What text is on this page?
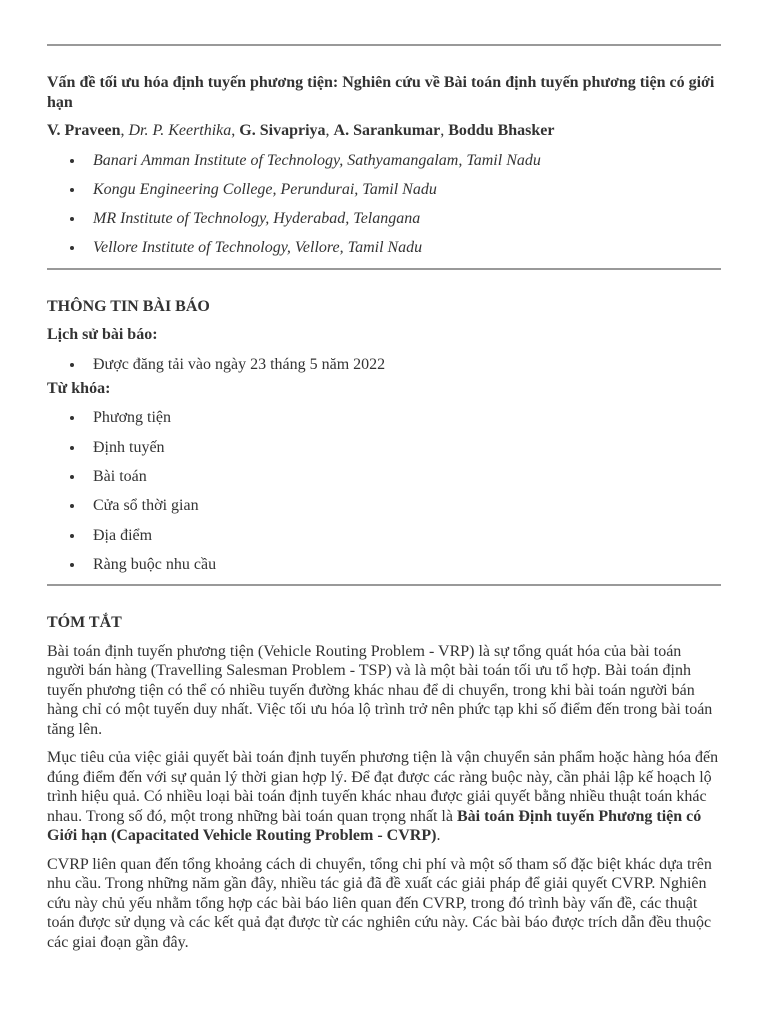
Vấn đề tối ưu hóa định tuyến phương tiện: Nghiên cứu về Bài toán định tuyến phương tiện có giới hạn

V. Praveen, Dr. P. Keerthika, G. Sivapriya, A. Sarankumar, Boddu Bhasker

Banari Amman Institute of Technology, Sathyamangalam, Tamil Nadu
Kongu Engineering College, Perundurai, Tamil Nadu
MR Institute of Technology, Hyderabad, Telangana
Vellore Institute of Technology, Vellore, Tamil Nadu

THÔNG TIN BÀI BÁO

Lịch sử bài báo:

Được đăng tải vào ngày 23 tháng 5 năm 2022

Từ khóa:

Phương tiện
Định tuyến
Bài toán
Cửa sổ thời gian
Địa điểm
Ràng buộc nhu cầu

TÓM TẮT

Bài toán định tuyến phương tiện (Vehicle Routing Problem - VRP) là sự tổng quát hóa của bài toán người bán hàng (Travelling Salesman Problem - TSP) và là một bài toán tối ưu tổ hợp. Bài toán định tuyến phương tiện có thể có nhiều tuyến đường khác nhau để di chuyển, trong khi bài toán người bán hàng chỉ có một tuyến duy nhất. Việc tối ưu hóa lộ trình trở nên phức tạp khi số điểm đến trong bài toán tăng lên.

Mục tiêu của việc giải quyết bài toán định tuyến phương tiện là vận chuyển sản phẩm hoặc hàng hóa đến đúng điểm đến với sự quản lý thời gian hợp lý. Để đạt được các ràng buộc này, cần phải lập kế hoạch lộ trình hiệu quả. Có nhiều loại bài toán định tuyến khác nhau được giải quyết bằng nhiều thuật toán khác nhau. Trong số đó, một trong những bài toán quan trọng nhất là Bài toán Định tuyến Phương tiện có Giới hạn (Capacitated Vehicle Routing Problem - CVRP).

CVRP liên quan đến tổng khoảng cách di chuyển, tổng chi phí và một số tham số đặc biệt khác dựa trên nhu cầu. Trong những năm gần đây, nhiều tác giả đã đề xuất các giải pháp để giải quyết CVRP. Nghiên cứu này chủ yếu nhằm tổng hợp các bài báo liên quan đến CVRP, trong đó trình bày vấn đề, các thuật toán được sử dụng và các kết quả đạt được từ các nghiên cứu này. Các bài báo được trích dẫn đều thuộc các giai đoạn gần đây.
